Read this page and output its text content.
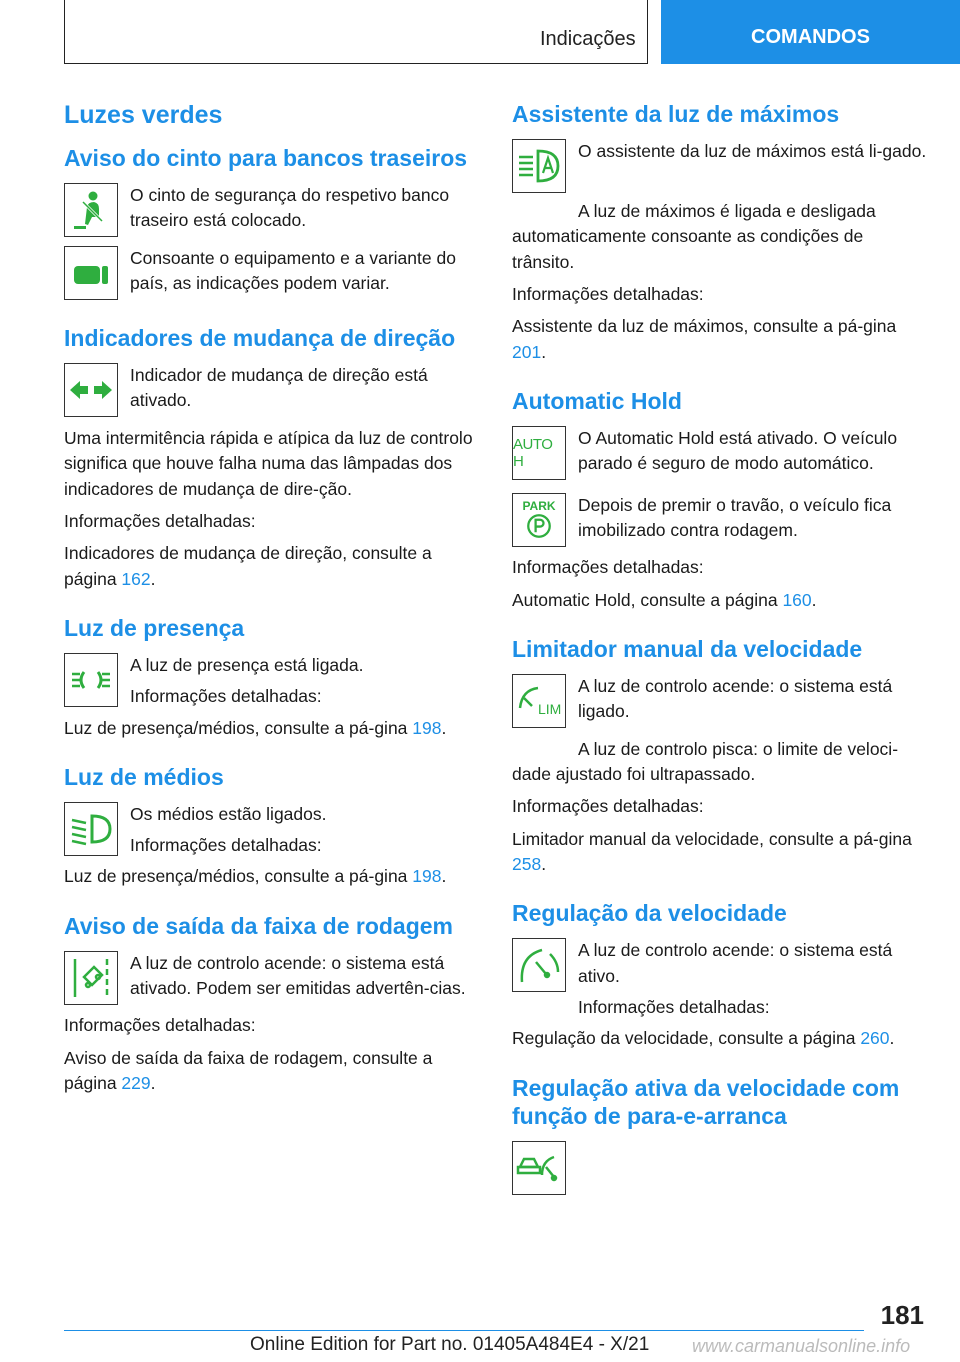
Indicações	COMANDOS
Luzes verdes
Aviso do cinto para bancos traseiros

O cinto de segurança do respetivo banco traseiro está colocado.

Consoante o equipamento e a variante do país, as indicações podem variar.

Indicadores de mudança de direção

Indicador de mudança de direção está ativado.

Uma intermitência rápida e atípica da luz de controlo significa que houve falha numa das lâmpadas dos indicadores de mudança de dire-ção.

Informações detalhadas:

Indicadores de mudança de direção, consulte a página 162.

Luz de presença

A luz de presença está ligada.

Informações detalhadas:

Luz de presença/médios, consulte a pá-gina 198.

Luz de médios

Os médios estão ligados.

Informações detalhadas:

Luz de presença/médios, consulte a pá-gina 198.

Aviso de saída da faixa de rodagem

A luz de controlo acende: o sistema está ativado. Podem ser emitidas advertên-cias.

Informações detalhadas:

Aviso de saída da faixa de rodagem, consulte a página 229.

Assistente da luz de máximos

O assistente da luz de máximos está li-gado.

A luz de máximos é ligada e desligada automaticamente consoante as condições de trânsito.

Informações detalhadas:

Assistente da luz de máximos, consulte a pá-gina 201.

Automatic Hold
AUTO H

O Automatic Hold está ativado. O veículo parado é seguro de modo automático.

PARK Depois de premir o travão, o veículo fica imobilizado contra rodagem.

Informações detalhadas:

Automatic Hold, consulte a página 160.

Limitador manual da velocidade
LIM

A luz de controlo acende: o sistema está ligado.

A luz de controlo pisca: o limite de veloci-dade ajustado foi ultrapassado.

Informações detalhadas:

Limitador manual da velocidade, consulte a pá-gina 258.

Regulação da velocidade

A luz de controlo acende: o sistema está ativo.

Informações detalhadas:

Regulação da velocidade, consulte a página 260.

Regulação ativa da velocidade com função de para-e-arranca
181
Online Edition for Part no. 01405A484E4 - X/21 www.carmanualsonline.info
